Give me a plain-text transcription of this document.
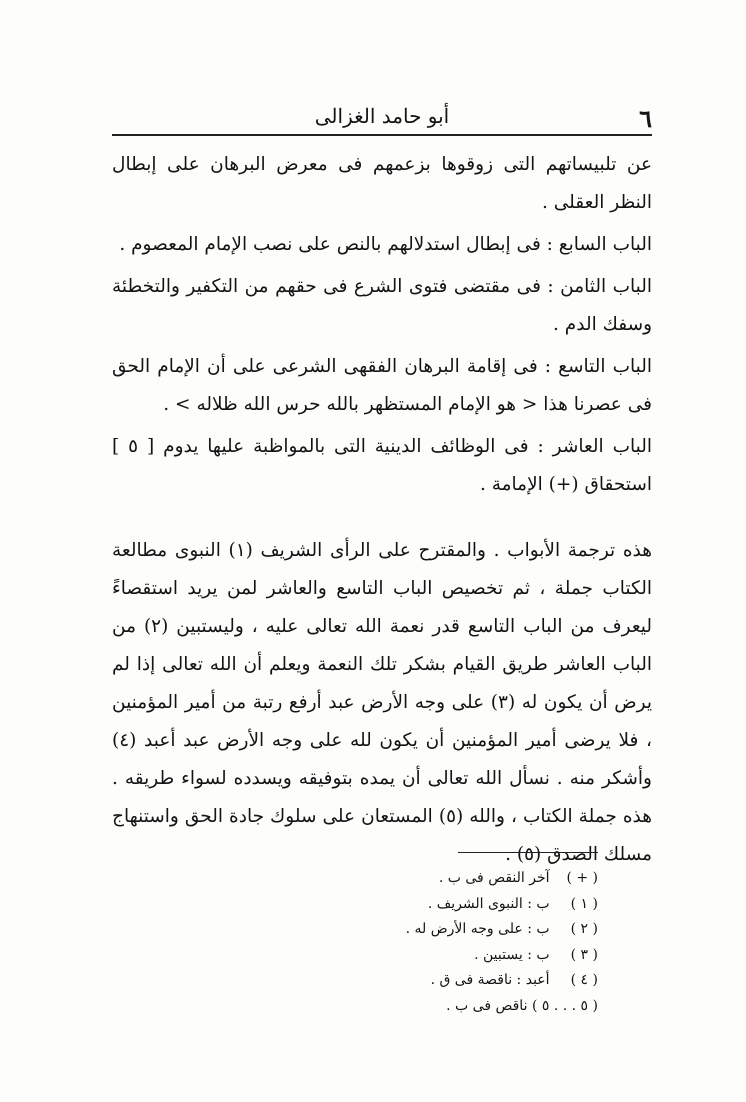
٦
أبو حامد الغزالى

عن تلبيساتهم التى زوقوها بزعمهم فى معرض البرهان على إبطال النظر العقلى .

الباب السابع : فى إبطال استدلالهم بالنص على نصب الإمام المعصوم .

الباب الثامن : فى مقتضى فتوى الشرع فى حقهم من التكفير والتخطئة وسفك الدم .

الباب التاسع : فى إقامة البرهان الفقهى الشرعى على أن الإمام الحق فى عصرنا هذا < هو الإمام المستظهر بالله حرس الله ظلاله > .

الباب العاشر : فى الوظائف الدينية التى بالمواظبة عليها يدوم [ ٥ ] استحقاق (+) الإمامة .

هذه ترجمة الأبواب . والمقترح على الرأى الشريف (١) النبوى مطالعة الكتاب جملة ، ثم تخصيص الباب التاسع والعاشر لمن يريد استقصاءً ليعرف من الباب التاسع قدر نعمة الله تعالى عليه ، وليستبين (٢) من الباب العاشر طريق القيام بشكر تلك النعمة ويعلم أن الله تعالى إذا لم يرض أن يكون له (٣) على وجه الأرض عبد أرفع رتبة من أمير المؤمنين ، فلا يرضى أمير المؤمنين أن يكون لله على وجه الأرض عبد أعبد (٤) وأشكر منه . نسأل الله تعالى أن يمده بتوفيقه ويسدده لسواء طريقه . هذه جملة الكتاب ، والله (٥) المستعان على سلوك جادة الحق واستنهاج مسلك الصدق (٥) .

( + ) آخر النقص فى ب .
( ١ ) ب : النبوى الشريف .
( ٢ ) ب : على وجه الأرض له .
( ٣ ) ب : يستبين .
( ٤ ) أعبد : ناقصة فى ق .
( ٥ . . . ٥ ) ناقص فى ب .
